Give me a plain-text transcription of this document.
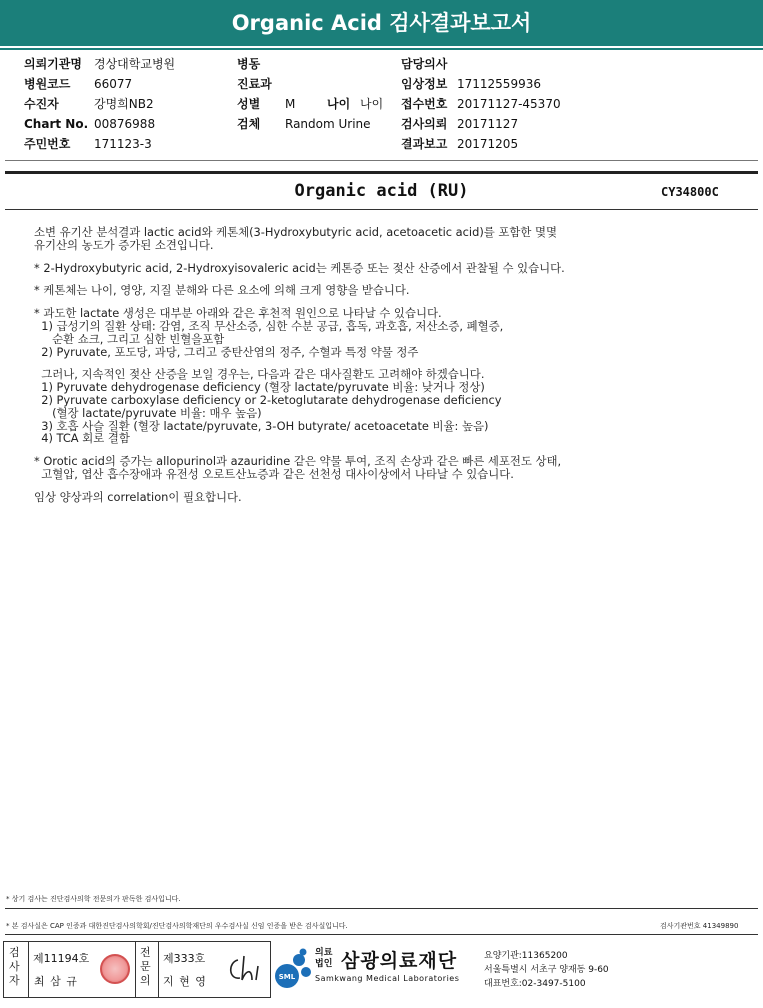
Organic Acid 검사결과보고서
의뢰기관명	경상대학교병원
병원코드	66077
수진자	강명희NB2
Chart No. 00876988
주민번호	171123-3
병동
진료과
성별	M	나이 나이
검체	Random Urine
담당의사
임상정보 17112559936
접수번호 20171127-45370
검사의뢰 20171127
결과보고 20171205
Organic acid (RU)	CY34800C
소변 유기산 분석결과 lactic acid와 케톤체(3-Hydroxybutyric acid, acetoacetic acid)를 포함한 몇몇
유기산의 농도가 증가된 소견입니다.
* 2-Hydroxybutyric acid, 2-Hydroxyisovaleric acid는 케톤증 또는 젖산 산증에서 관찰될 수 있습니다.
* 케톤체는 나이, 영양, 지질 분해와 다른 요소에 의해 크게 영향을 받습니다.
* 과도한 lactate 생성은 대부분 아래와 같은 후천적 원인으로 나타날 수 있습니다.
1) 급성기의 질환 상태: 감염, 조직 무산소증, 심한 수분 공급, 흡독, 과호흡, 저산소증, 폐혈증,
순환 쇼크, 그리고 심한 빈혈을포함
2) Pyruvate, 포도당, 과당, 그리고 중탄산염의 정주, 수혈과 특정 약물 정주
그러나, 지속적인 젖산 산증을 보일 경우는, 다음과 같은 대사질환도 고려해야 하겠습니다.
1) Pyruvate dehydrogenase deficiency (혈장 lactate/pyruvate 비율: 낮거나 정상)
2) Pyruvate carboxylase deficiency or 2-ketoglutarate dehydrogenase deficiency
(혈장 lactate/pyruvate 비율: 매우 높음)
3) 호흡 사슬 질환 (혈장 lactate/pyruvate, 3-OH butyrate/ acetoacetate 비율: 높음)
4) TCA 회로 결함
* Orotic acid의 증가는 allopurinol과 azauridine 같은 약물 투여, 조직 손상과 같은 빠른 세포전도 상태,
고혈압, 엽산 흡수장애과 유전성 오로트산뇨증과 같은 선천성 대사이상에서 나타날 수 있습니다.
임상 양상과의 correlation이 필요합니다.
* 상기 검사는 진단검사의학 전문의가 판독한 검사입니다.
* 본 검사실은 CAP 인증과 대한진단검사의학회/진단검사의학재단의 우수검사실 신임 인증을 받은 검사실입니다.	검사기관번호 41349890
검사자
제11194호
최 삼 규
전문의
제333호
지 현 영	SML
의료법인 삼광의료재단
Samkwang Medical Laboratories
요양기관:11365200
서울특별시 서초구 양재동 9-60
대표번호:02-3497-5100
